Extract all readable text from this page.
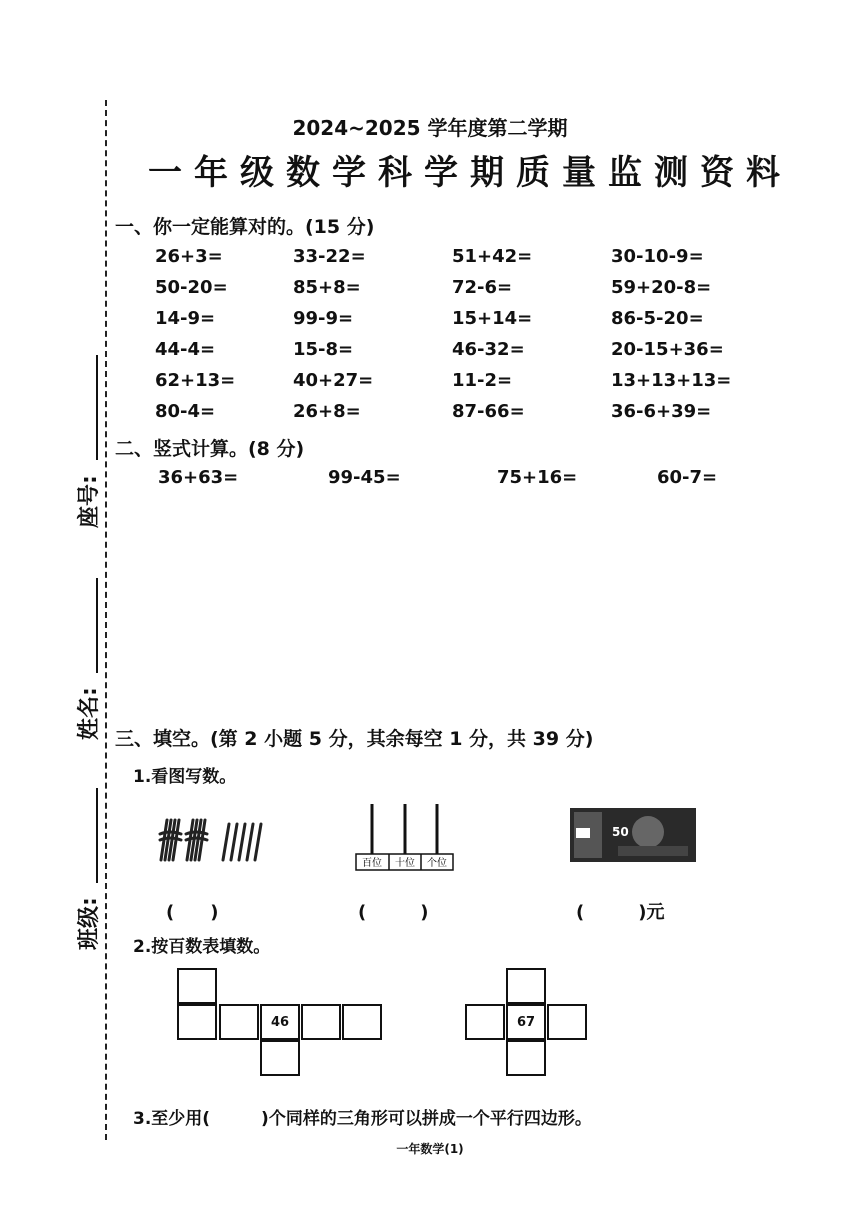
座号:
姓名:
班级:
2024~2025 学年度第二学期
一年级数学科学期质量监测资料
一、你一定能算对的。(15 分)
26+3=	33-22=	51+42=	30-10-9=
50-20=	85+8=	72-6=	59+20-8=
14-9=	99-9=	15+14=	86-5-20=
44-4=	15-8=	46-32=	20-15+36=
62+13=	40+27=	11-2=	13+13+13=
80-4=	26+8=	87-66=	36-6+39=
二、竖式计算。(8 分)
36+63=	99-45=	75+16=	60-7=
三、填空。(第 2 小题 5 分，其余每空 1 分，共 39 分)
1.看图写数。
百位 十位 个位
50
(　　)	(　　　)	(　　　)元
2.按百数表填数。
46	67
3.至少用(　　　)个同样的三角形可以拼成一个平行四边形。
一年数学(1)
